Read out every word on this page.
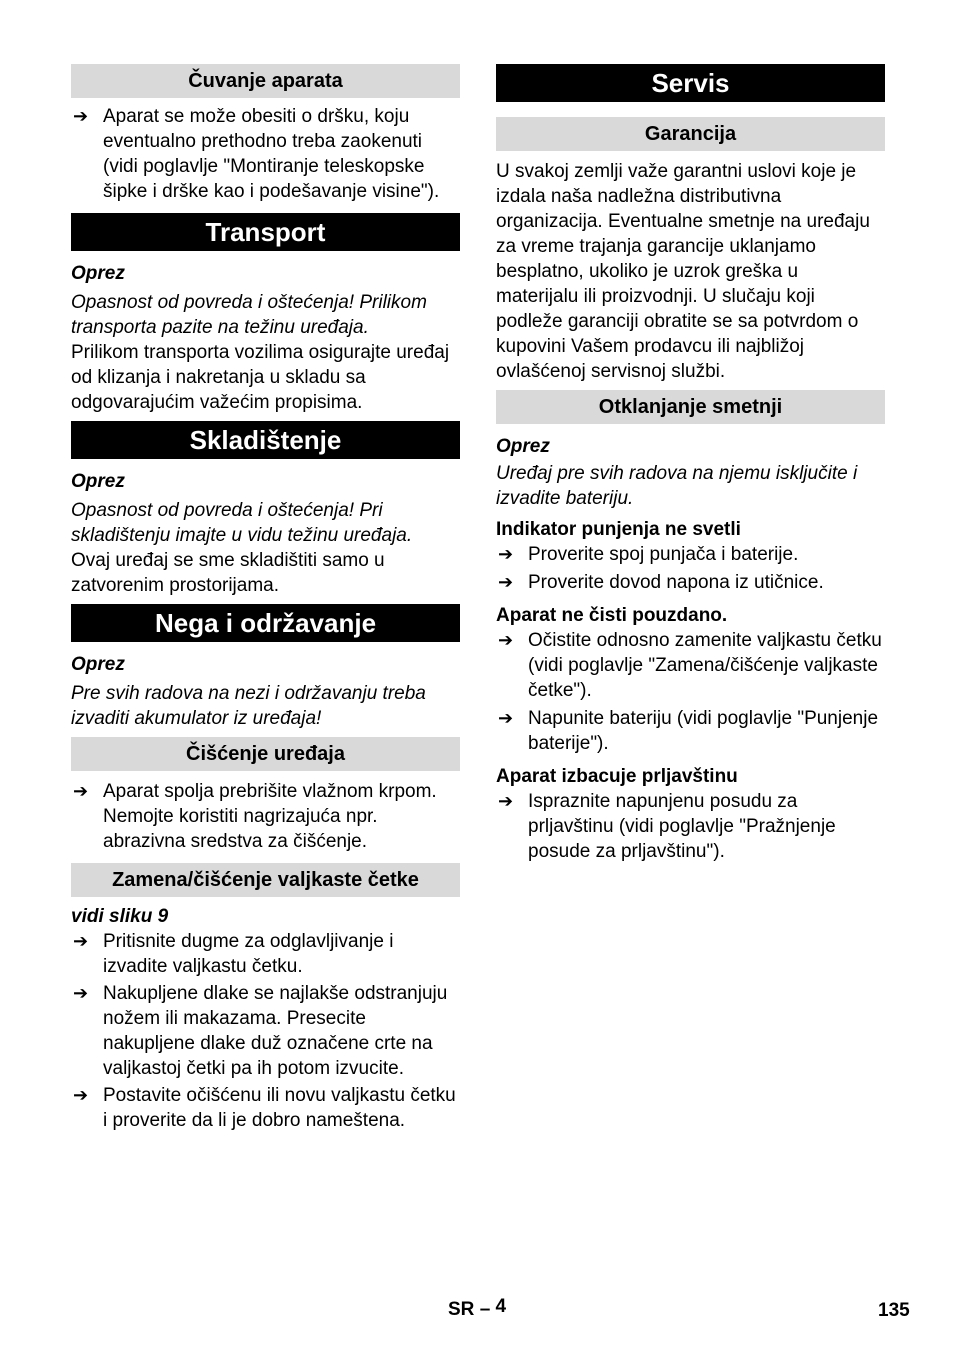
Čuvanje aparata
➔ Aparat se može obesiti o dršku, koju eventualno prethodno treba zaokenuti (vidi poglavlje "Montiranje teleskopske šipke i drške kao i podešavanje visine").
Transport

Oprez

Opasnost od povreda i oštećenja! Prilikom transporta pazite na težinu uređaja.

Prilikom transporta vozilima osigurajte uređaj od klizanja i nakretanja u skladu sa odgovarajućim važećim propisima.

Skladištenje

Oprez

Opasnost od povreda i oštećenja! Pri skladištenju imajte u vidu težinu uređaja.

Ovaj uređaj se sme skladištiti samo u zatvorenim prostorijama.

Nega i održavanje

Oprez

Pre svih radova na nezi i održavanju treba izvaditi akumulator iz uređaja!

Čišćenje uređaja
➔ Aparat spolja prebrišite vlažnom krpom. Nemojte koristiti nagrizajuća npr. abrazivna sredstva za čišćenje.
Zamena/čišćenje valjkaste četke

vidi sliku 9

➔ Pritisnite dugme za odglavljivanje i izvadite valjkastu četku.
➔ Nakupljene dlake se najlakše odstranjuju nožem ili makazama. Presecite nakupljene dlake duž označene crte na valjkastoj četki pa ih potom izvucite.
➔ Postavite očišćenu ili novu valjkastu četku i proverite da li je dobro nameštena.
Servis
Garancija

U svakoj zemlji važe garantni uslovi koje je izdala naša nadležna distributivna organizacija. Eventualne smetnje na uređaju za vreme trajanja garancije uklanjamo besplatno, ukoliko je uzrok greška u materijalu ili proizvodnji. U slučaju koji podleže garanciji obratite se sa potvrdom o kupovini Vašem prodavcu ili najbližoj ovlašćenoj servisnoj službi.

Otklanjanje smetnji

Oprez

Uređaj pre svih radova na njemu isključite i izvadite bateriju.

Indikator punjenja ne svetli

➔ Proverite spoj punjača i baterije.
➔ Proverite dovod napona iz utičnice.

Aparat ne čisti pouzdano.

➔ Očistite odnosno zamenite valjkastu četku (vidi poglavlje "Zamena/čišćenje valjkaste četke").
➔ Napunite bateriju (vidi poglavlje "Punjenje baterije").

Aparat izbacuje prljavštinu

➔ Ispraznite napunjenu posudu za prljavštinu (vidi poglavlje "Pražnjenje posude za prljavštinu").
SR – 4	135
